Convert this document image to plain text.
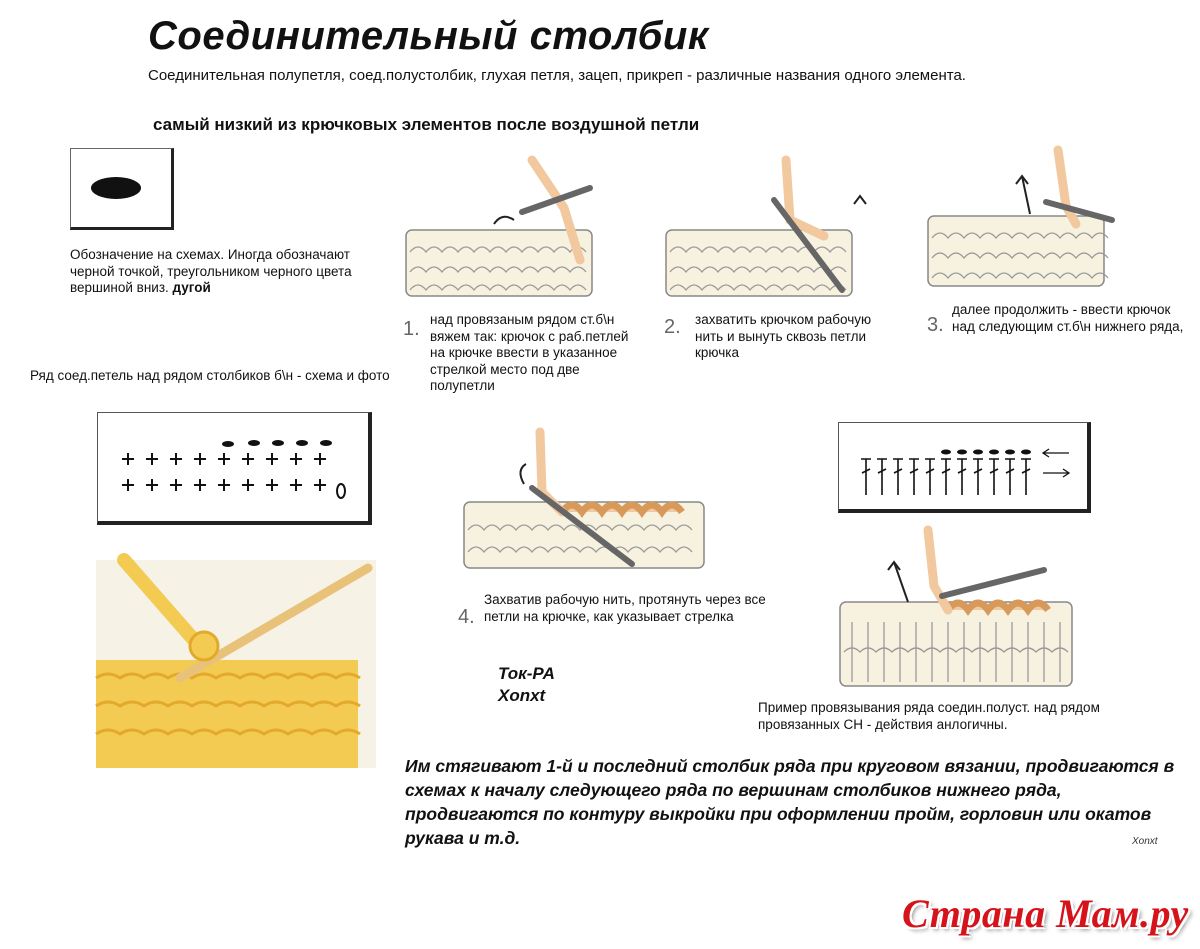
Соединительный столбик
Соединительная полупетля, соед.полустолбик, глухая петля, зацеп, прикреп - различные названия одного элемента.
самый низкий из крючковых элементов после воздушной петли
Обозначение на схемах. Иногда обозначают черной точкой, треугольником черного цвета вершиной вниз. дугой
Ряд соед.петель над рядом столбиков б\н - схема и фото
1. над провязаным рядом ст.б\н вяжем так: крючок с раб.петлей на крючке ввести в указанное стрелкой место под две полупетли
2. захватить крючком рабочую нить и вынуть сквозь петли крючка
3.
далее продолжить - ввести крючок над следующим ст.б\н нижнего ряда,
4.
Захватив рабочую нить, протянуть через все петли на крючке, как указывает стрелка
Ток-РА
Xonxt
Пример провязывания ряда соедин.полуст. над рядом провязанных СН - действия анлогичны.
Им стягивают 1-й и последний столбик ряда при круговом вязании, продвигаются в схемах к началу следующего ряда по вершинам столбиков нижнего ряда, продвигаются по контуру выкройки при оформлении пройм, горловин или окатов рукава и т.д.	Xonxt
Страна Мам.ру
